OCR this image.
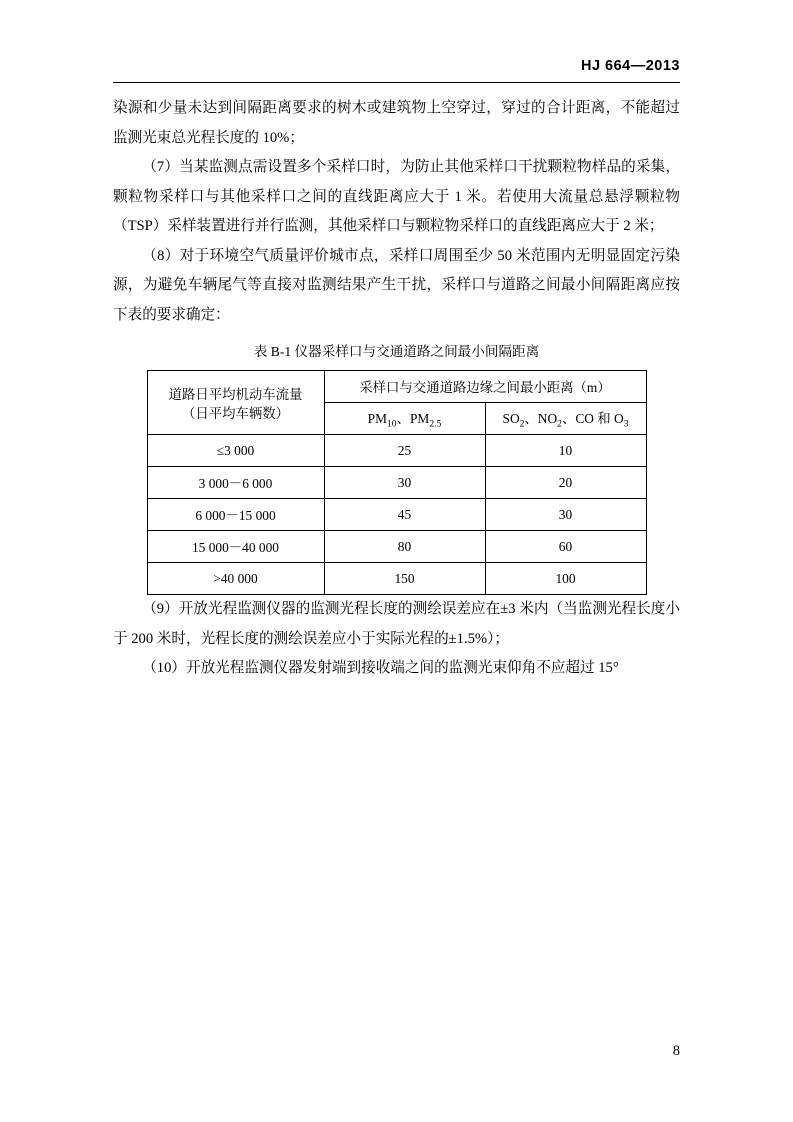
HJ 664—2013

染源和少量未达到间隔距离要求的树木或建筑物上空穿过，穿过的合计距离，不能超过监测光束总光程长度的 10%；

（7）当某监测点需设置多个采样口时，为防止其他采样口干扰颗粒物样品的采集，颗粒物采样口与其他采样口之间的直线距离应大于 1 米。若使用大流量总悬浮颗粒物（TSP）采样装置进行并行监测，其他采样口与颗粒物采样口的直线距离应大于 2 米；

（8）对于环境空气质量评价城市点，采样口周围至少 50 米范围内无明显固定污染源，为避免车辆尾气等直接对监测结果产生干扰，采样口与道路之间最小间隔距离应按下表的要求确定：

表 B-1 仪器采样口与交通道路之间最小间隔距离
道路日平均机动车流量
（日平均车辆数）	采样口与交通道路边缘之间最小距离（m）	
	$PM_{10}$、$PM_{2.5}$	$SO_2$、$NO_2$、CO 和 $O_3$
≤3 000	25	10
3 000－6 000	30	20
6 000－15 000	45	30
15 000－40 000	80	60
>40 000	150	100

（9）开放光程监测仪器的监测光程长度的测绘误差应在±3 米内（当监测光程长度小于 200 米时，光程长度的测绘误差应小于实际光程的±1.5%）；

（10）开放光程监测仪器发射端到接收端之间的监测光束仰角不应超过 15°

8
